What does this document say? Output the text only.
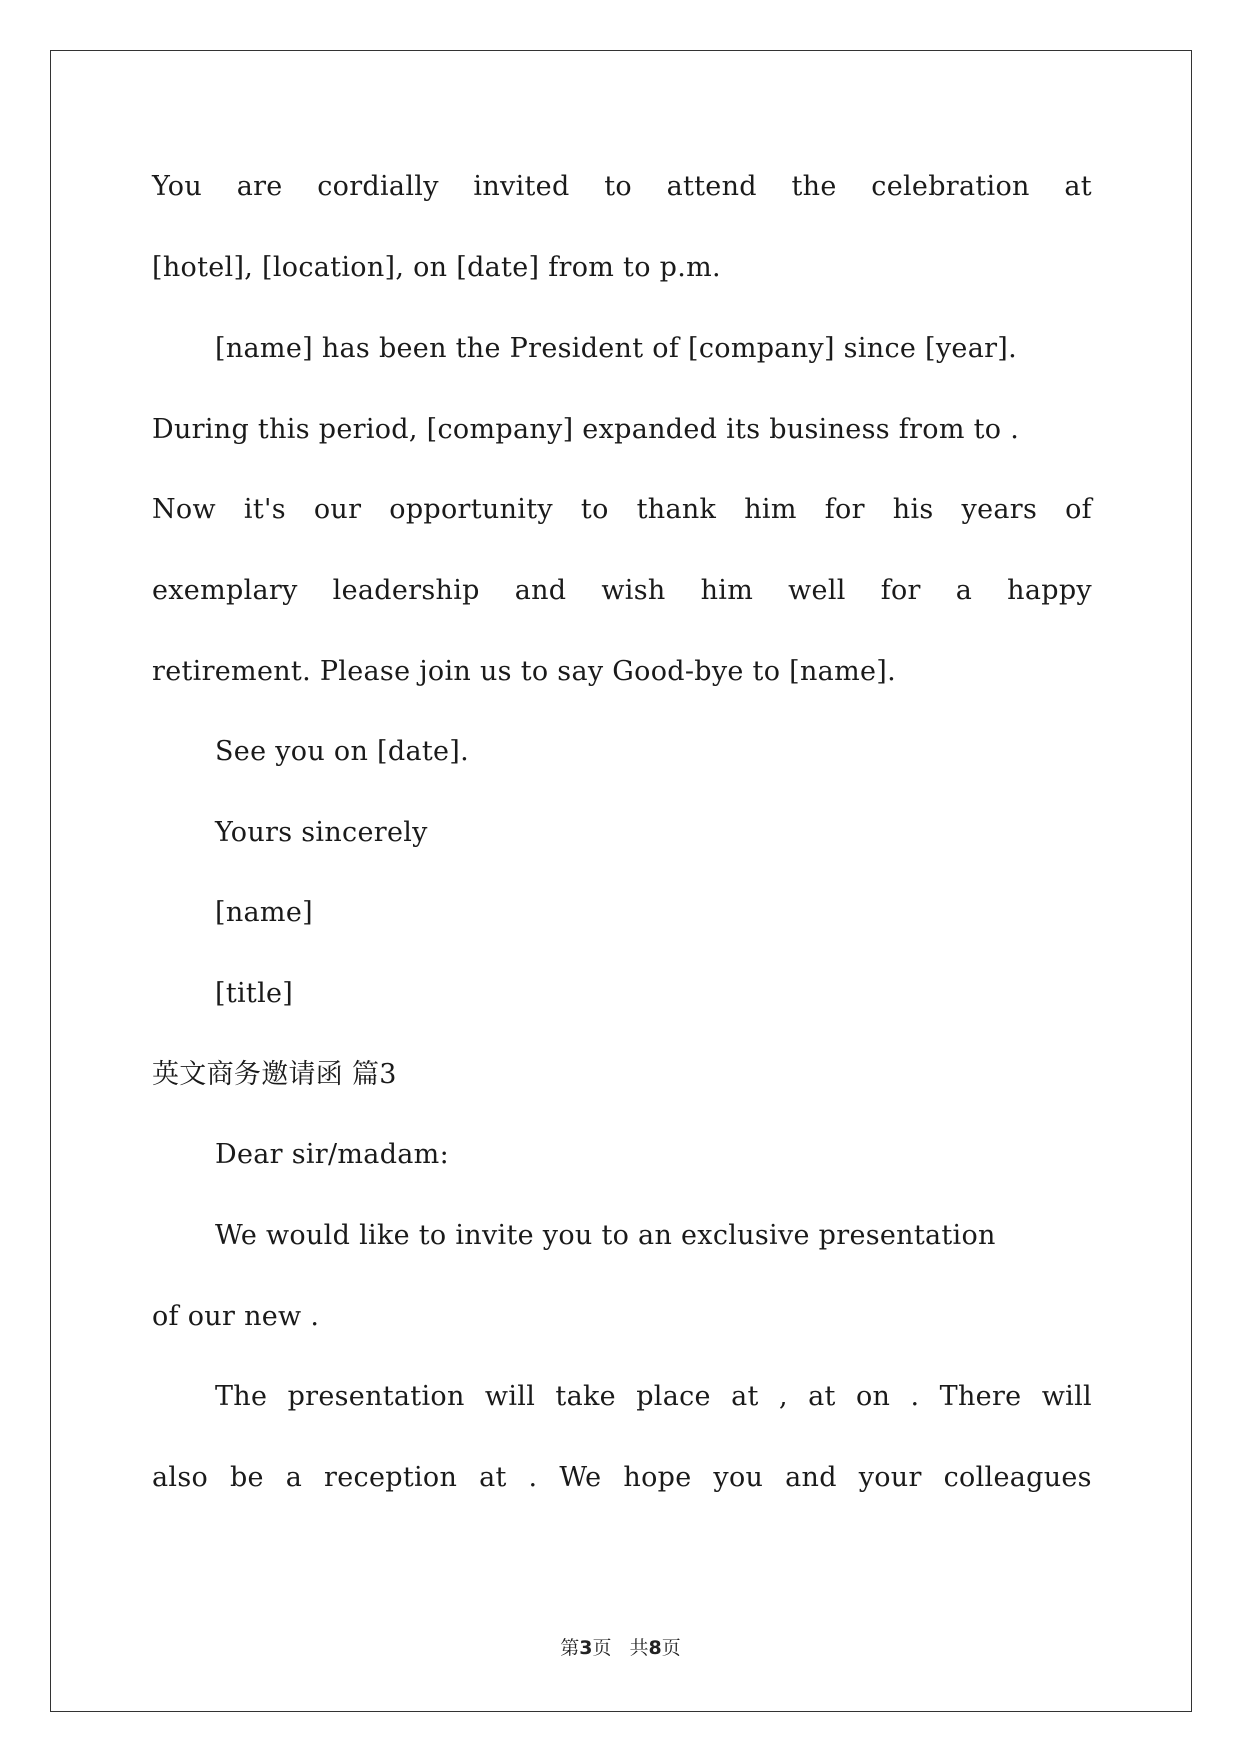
You are cordially invited to attend the celebration at
[hotel], [location], on [date] from to p.m.
[name] has been the President of [company] since [year].
During this period, [company] expanded its business from to .
Now it's our opportunity to thank him for his years of
exemplary leadership and wish him well for a happy
retirement. Please join us to say Good-bye to [name].
See you on [date].
Yours sincerely
[name]
[title]
英文商务邀请函 篇3
Dear sir/madam:
We would like to invite you to an exclusive presentation
of our new .
The presentation will take place at , at on . There will
also be a reception at . We hope you and your colleagues
第3页 共8页
